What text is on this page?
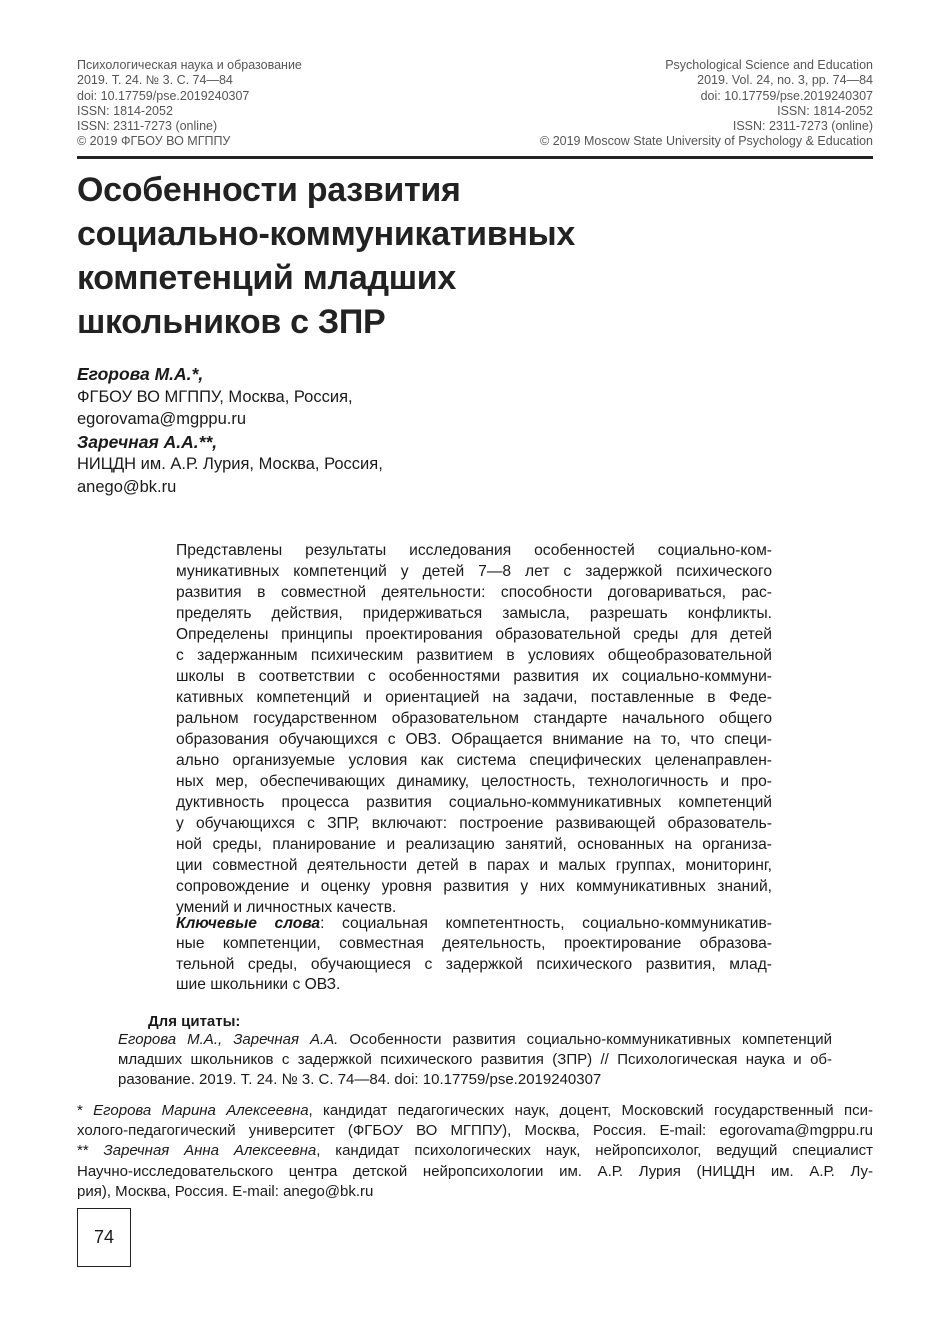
Психологическая наука и образование
2019. Т. 24. № 3. С. 74—84
doi: 10.17759/pse.2019240307
ISSN: 1814-2052
ISSN: 2311-7273 (online)
© 2019 ФГБОУ ВО МГППУ
Psychological Science and Education
2019. Vol. 24, no. 3, pp. 74—84
doi: 10.17759/pse.2019240307
ISSN: 1814-2052
ISSN: 2311-7273 (online)
© 2019 Moscow State University of Psychology & Education
Особенности развития
социально-коммуникативных
компетенций младших
школьников с ЗПР
Егорова М.А.*,
ФГБОУ ВО МГППУ, Москва, Россия,
egorovama@mgppu.ru
Заречная А.А.**,
НИЦДН им. А.Р. Лурия, Москва, Россия,
anego@bk.ru
Представлены результаты исследования особенностей социально-ком-
муникативных компетенций у детей 7—8 лет с задержкой психического
развития в совместной деятельности: способности договариваться, рас-
пределять действия, придерживаться замысла, разрешать конфликты.
Определены принципы проектирования образовательной среды для детей
с задержанным психическим развитием в условиях общеобразовательной
школы в соответствии с особенностями развития их социально-коммуни-
кативных компетенций и ориентацией на задачи, поставленные в Феде-
ральном государственном образовательном стандарте начального общего
образования обучающихся с ОВЗ. Обращается внимание на то, что специ-
ально организуемые условия как система специфических целенаправлен-
ных мер, обеспечивающих динамику, целостность, технологичность и про-
дуктивность процесса развития социально-коммуникативных компетенций
у обучающихся с ЗПР, включают: построение развивающей образователь-
ной среды, планирование и реализацию занятий, основанных на организа-
ции совместной деятельности детей в парах и малых группах, мониторинг,
сопровождение и оценку уровня развития у них коммуникативных знаний,
умений и личностных качеств.
Ключевые слова: социальная компетентность, социально-коммуникатив-
ные компетенции, совместная деятельность, проектирование образова-
тельной среды, обучающиеся с задержкой психического развития, млад-
шие школьники с ОВЗ.
Для цитаты:
Егорова М.А., Заречная А.А. Особенности развития социально-коммуникативных компетенций
младших школьников с задержкой психического развития (ЗПР) // Психологическая наука и об-
разование. 2019. Т. 24. № 3. С. 74—84. doi: 10.17759/pse.2019240307
* Егорова Марина Алексеевна, кандидат педагогических наук, доцент, Московский государственный пси-
холого-педагогический университет (ФГБОУ ВО МГППУ), Москва, Россия. E-mail: egorovama@mgppu.ru
** Заречная Анна Алексеевна, кандидат психологических наук, нейропсихолог, ведущий специалист
Научно-исследовательского центра детской нейропсихологии им. А.Р. Лурия (НИЦДН им. А.Р. Лу-
рия), Москва, Россия. E-mail: anego@bk.ru
74
